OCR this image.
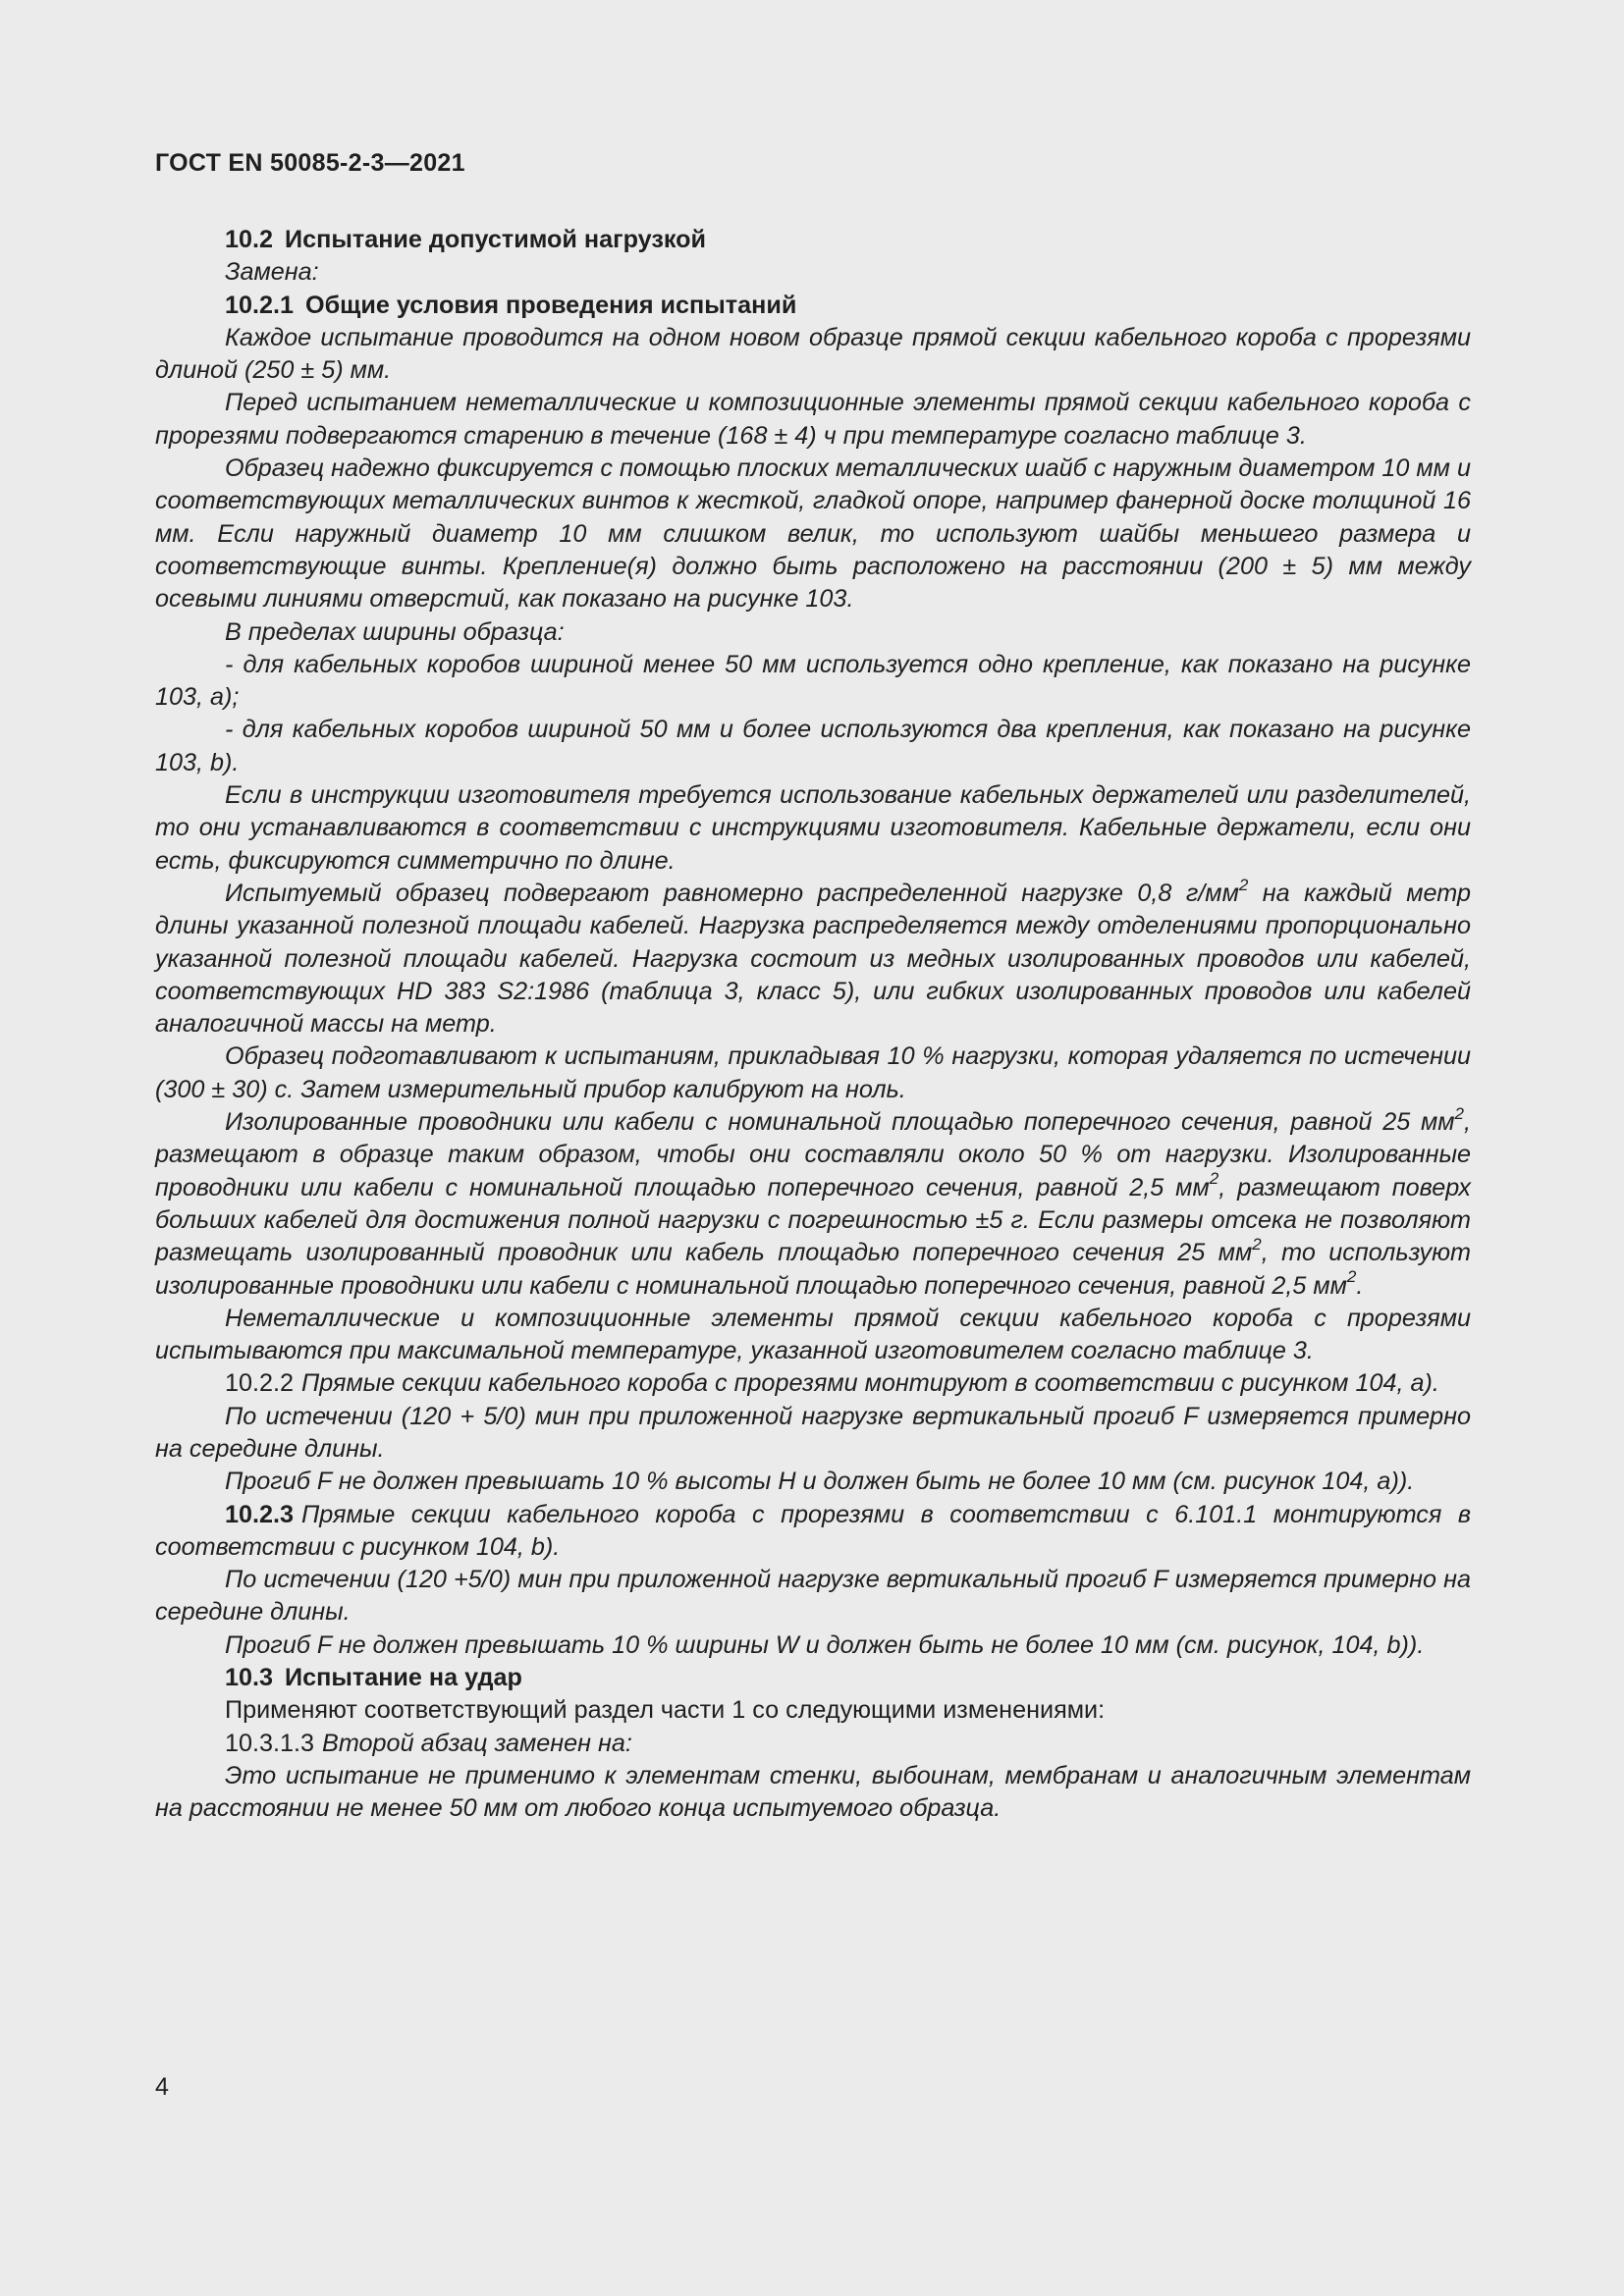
ГОСТ EN 50085-2-3—2021

10.2 Испытание допустимой нагрузкой

Замена:

10.2.1 Общие условия проведения испытаний

Каждое испытание проводится на одном новом образце прямой секции кабельного короба с прорезями длиной (250 ± 5) мм.

Перед испытанием неметаллические и композиционные элементы прямой секции кабельного короба с прорезями подвергаются старению в течение (168 ± 4) ч при температуре согласно таблице 3.

Образец надежно фиксируется с помощью плоских металлических шайб с наружным диаметром 10 мм и соответствующих металлических винтов к жесткой, гладкой опоре, например фанерной доске толщиной 16 мм. Если наружный диаметр 10 мм слишком велик, то используют шайбы меньшего размера и соответствующие винты. Крепление(я) должно быть расположено на расстоянии (200 ± 5) мм между осевыми линиями отверстий, как показано на рисунке 103.

В пределах ширины образца:

- для кабельных коробов шириной менее 50 мм используется одно крепление, как показано на рисунке 103, a);

- для кабельных коробов шириной 50 мм и более используются два крепления, как показано на рисунке 103, b).

Если в инструкции изготовителя требуется использование кабельных держателей или разделителей, то они устанавливаются в соответствии с инструкциями изготовителя. Кабельные держатели, если они есть, фиксируются симметрично по длине.

Испытуемый образец подвергают равномерно распределенной нагрузке 0,8 $г/мм^2$ на каждый метр длины указанной полезной площади кабелей. Нагрузка распределяется между отделениями пропорционально указанной полезной площади кабелей. Нагрузка состоит из медных изолированных проводов или кабелей, соответствующих HD 383 S2:1986 (таблица 3, класс 5), или гибких изолированных проводов или кабелей аналогичной массы на метр.

Образец подготавливают к испытаниям, прикладывая 10 % нагрузки, которая удаляется по истечении (300 ± 30) с. Затем измерительный прибор калибруют на ноль.

Изолированные проводники или кабели с номинальной площадью поперечного сечения, равной 25 $мм^2$, размещают в образце таким образом, чтобы они составляли около 50 % от нагрузки. Изолированные проводники или кабели с номинальной площадью поперечного сечения, равной 2,5 $мм^2$, размещают поверх больших кабелей для достижения полной нагрузки с погрешностью ±5 г. Если размеры отсека не позволяют размещать изолированный проводник или кабель площадью поперечного сечения 25 $мм^2$, то используют изолированные проводники или кабели с номинальной площадью поперечного сечения, равной 2,5 $мм^2$.

Неметаллические и композиционные элементы прямой секции кабельного короба с прорезями испытываются при максимальной температуре, указанной изготовителем согласно таблице 3.

10.2.2 Прямые секции кабельного короба с прорезями монтируют в соответствии с рисунком 104, a).

По истечении (120 + 5/0) мин при приложенной нагрузке вертикальный прогиб F измеряется примерно на середине длины.

Прогиб F не должен превышать 10 % высоты H и должен быть не более 10 мм (см. рисунок 104, a)).

10.2.3 Прямые секции кабельного короба с прорезями в соответствии с 6.101.1 монтируются в соответствии с рисунком 104, b).

По истечении (120 +5/0) мин при приложенной нагрузке вертикальный прогиб F измеряется примерно на середине длины.

Прогиб F не должен превышать 10 % ширины W и должен быть не более 10 мм (см. рисунок, 104, b)).

10.3 Испытание на удар

Применяют соответствующий раздел части 1 со следующими изменениями:

10.3.1.3 Второй абзац заменен на:

Это испытание не применимо к элементам стенки, выбоинам, мембранам и аналогичным элементам на расстоянии не менее 50 мм от любого конца испытуемого образца.

4
